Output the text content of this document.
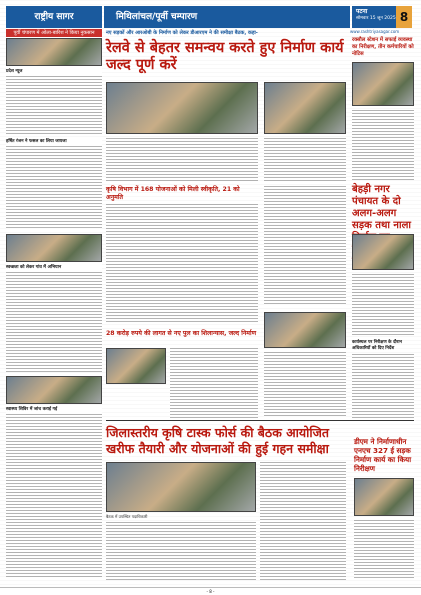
राष्ट्रीय सागर	मिथिलांचल/पूर्वी चम्पारण
पटना
सोमवार 15 जून 2025 8
www.rashtriyasagar.com
पूर्वी चंपारण में ओला-बारिश ने किया नुकसान
प्रदेश न्यूज
हर्षित रंजन ने फसल का लिया जायजा
स्वच्छता को लेकर गांव में अभियान
स्वास्थ्य शिविर में जांच कराई गई
नए सड़कों और आरओबी के निर्माण को लेकर डीआरएम ने की समीक्षा बैठक, कहा-
रेलवे से बेहतर समन्वय करते हुए निर्माण कार्य जल्द पूर्ण करें
रक्सौल स्टेशन में सफाई व्यवस्था का निरीक्षण, तीन कर्मचारियों को नोटिस
कृषि विभाग में 168 योजनाओं को मिली स्वीकृति, 21 को अनुमति
बेहड़ी नगर पंचायत के दो अलग-अलग सड़क तथा नाला
28 करोड़ रुपये की लागत से नए पुल का शिलान्यास, जल्द निर्माण
कार्यस्थल पर निरीक्षण के दौरान अधिकारियों को दिए निर्देश
जिलास्तरीय कृषि टास्क फोर्स की बैठक आयोजित खरीफ तैयारी और योजनाओं की हुई गहन समीक्षा	डीएम ने निर्माणाधीन एनएच 327 ई सड़क निर्माण कार्य का किया निरीक्षण
बैठक में उपस्थित पदाधिकारी
- 8 -
